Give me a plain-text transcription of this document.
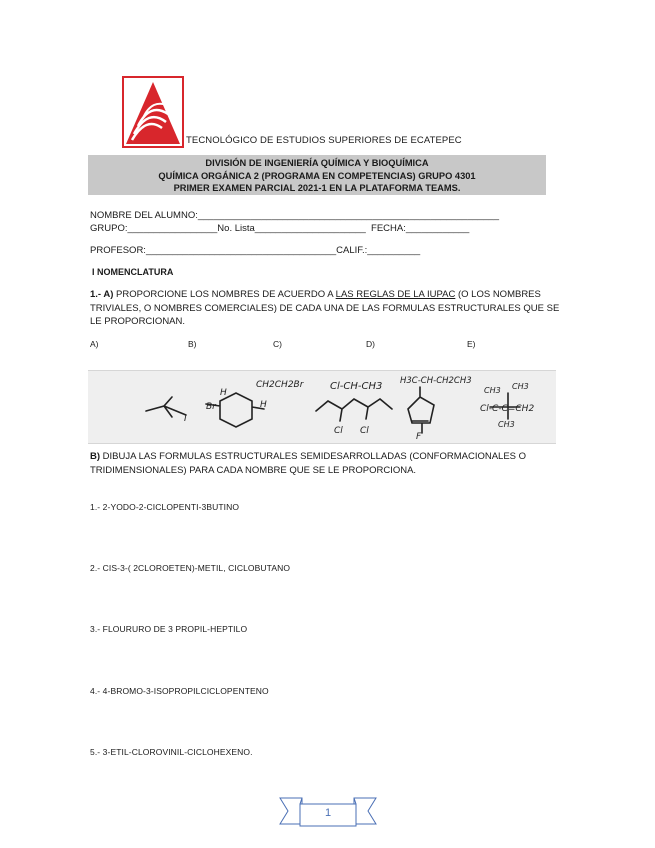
TECNOLÓGICO DE ESTUDIOS SUPERIORES DE ECATEPEC
DIVISIÓN DE INGENIERÍA QUÍMICA Y BIOQUÍMICA
QUÍMICA ORGÁNICA 2 (PROGRAMA EN COMPETENCIAS) GRUPO 4301
PRIMER EXAMEN PARCIAL 2021-1 EN LA PLATAFORMA TEAMS.
NOMBRE DEL ALUMNO:_________________________________________________________
GRUPO:_________________No. Lista_____________________  FECHA:____________
PROFESOR:____________________________________CALIF.:__________
I NOMENCLATURA
1.- A) PROPORCIONE LOS NOMBRES DE ACUERDO A LAS REGLAS DE LA IUPAC (O LOS NOMBRES TRIVIALES, O NOMBRES COMERCIALES) DE CADA UNA DE LAS FORMULAS ESTRUCTURALES QUE SE LE PROPORCIONAN.
A)	B)	C)	D)	E)
Br
H
H
CH2CH2Br
I
Cl-CH-CH3
Cl Cl
H3C-CH-CH2CH3
F
CH3 CH3
Cl-C-C=CH2
CH3
B) DIBUJA LAS FORMULAS ESTRUCTURALES SEMIDESARROLLADAS (CONFORMACIONALES O TRIDIMENSIONALES) PARA CADA NOMBRE QUE SE LE PROPORCIONA.
1.- 2-YODO-2-CICLOPENTI-3BUTINO
2.- CIS-3-( 2CLOROETEN)-METIL, CICLOBUTANO
3.- FLOURURO DE 3 PROPIL-HEPTILO
4.- 4-BROMO-3-ISOPROPILCICLOPENTENO
5.- 3-ETIL-CLOROVINIL-CICLOHEXENO.
1
